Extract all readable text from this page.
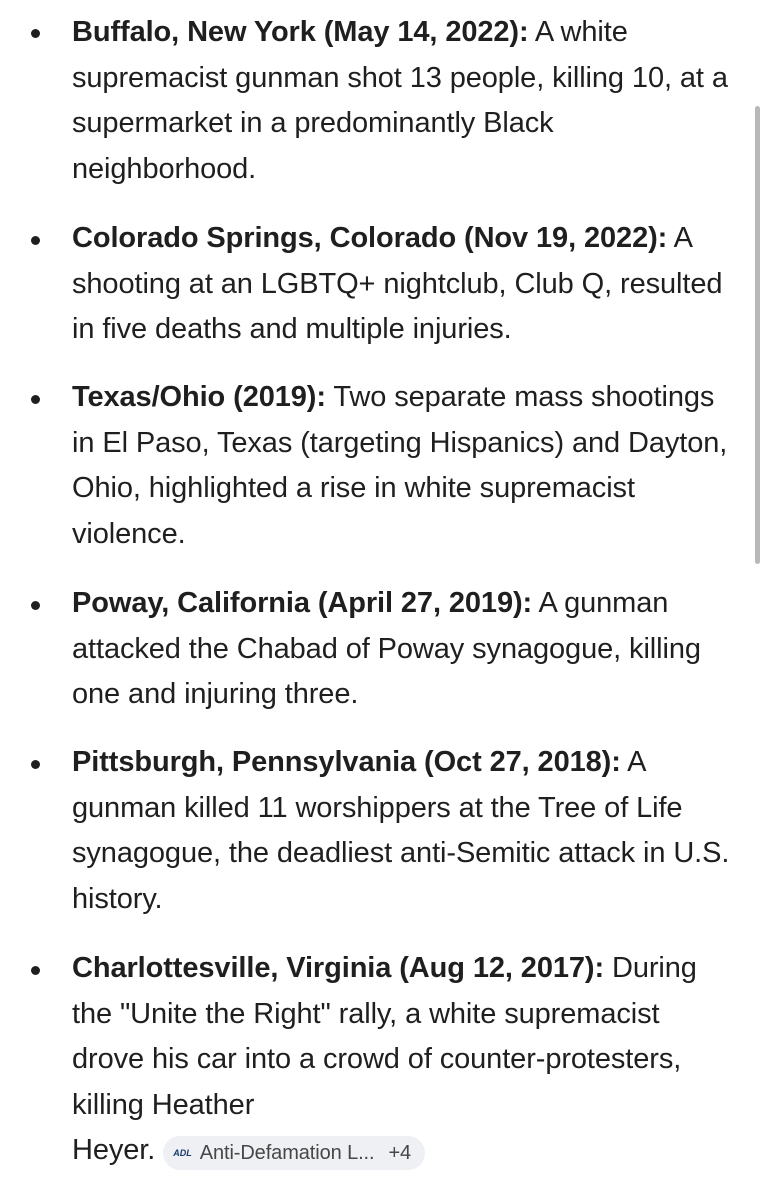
Buffalo, New York (May 14, 2022): A white supremacist gunman shot 13 people, killing 10, at a supermarket in a predominantly Black neighborhood.

Colorado Springs, Colorado (Nov 19, 2022): A shooting at an LGBTQ+ nightclub, Club Q, resulted in five deaths and multiple injuries.

Texas/Ohio (2019): Two separate mass shootings in El Paso, Texas (targeting Hispanics) and Dayton, Ohio, highlighted a rise in white supremacist violence.

Poway, California (April 27, 2019): A gunman attacked the Chabad of Poway synagogue, killing one and injuring three.

Pittsburgh, Pennsylvania (Oct 27, 2018): A gunman killed 11 worshippers at the Tree of Life synagogue, the deadliest anti-Semitic attack in U.S. history.

Charlottesville, Virginia (Aug 12, 2017): During the "Unite the Right" rally, a white supremacist drove his car into a crowd of counter-protesters, killing Heather
Heyer. ADL Anti-Defamation L... +4
